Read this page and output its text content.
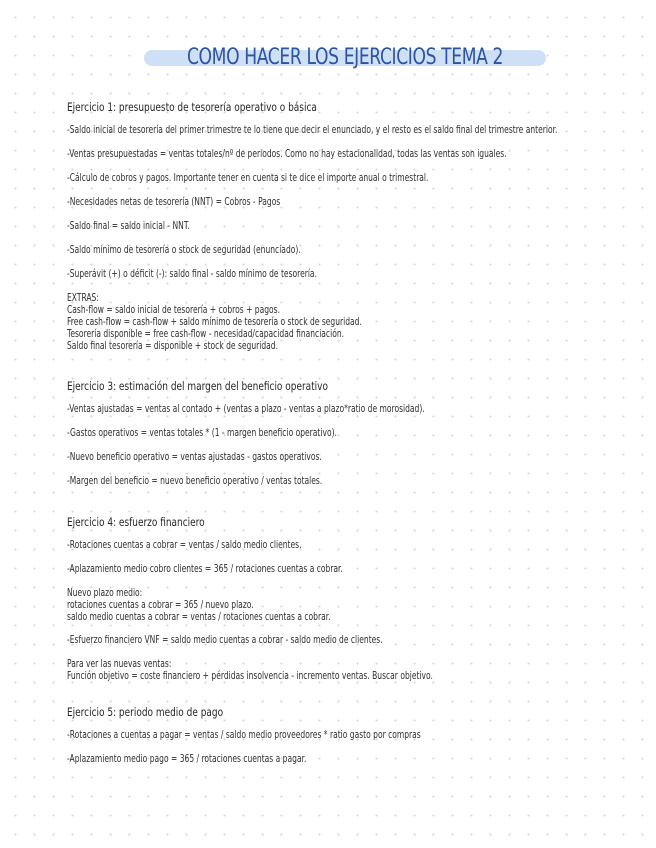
COMO HACER LOS EJERCICIOS TEMA 2
Ejercicio 1: presupuesto de tesorería operativo o básica
-Saldo inicial de tesorería del primer trimestre te lo tiene que decir el enunciado, y el resto es el saldo final del trimestre anterior.
-Ventas presupuestadas = ventas totales/nº de periodos. Como no hay estacionalidad, todas las ventas son iguales.
-Cálculo de cobros y pagos. Importante tener en cuenta si te dice el importe anual o trimestral.
-Necesidades netas de tesorería (NNT) = Cobros - Pagos
-Saldo final = saldo inicial - NNT.
-Saldo mínimo de tesorería o stock de seguridad (enunciado).
-Superávit (+) o déficit (-): saldo final - saldo mínimo de tesorería.
EXTRAS:
Cash-flow = saldo inicial de tesorería + cobros + pagos.
Free cash-flow = cash-flow + saldo mínimo de tesorería o stock de seguridad.
Tesorería disponible = free cash-flow - necesidad/capacidad financiación.
Saldo final tesorería = disponible + stock de seguridad.
Ejercicio 3: estimación del margen del beneficio operativo
-Ventas ajustadas = ventas al contado + (ventas a plazo - ventas a plazo*ratio de morosidad).
-Gastos operativos = ventas totales * (1 - margen beneficio operativo).
-Nuevo beneficio operativo = ventas ajustadas - gastos operativos.
-Margen del beneficio = nuevo beneficio operativo / ventas totales.
Ejercicio 4: esfuerzo financiero
-Rotaciones cuentas a cobrar = ventas / saldo medio clientes.
-Aplazamiento medio cobro clientes = 365 / rotaciones cuentas a cobrar.
Nuevo plazo medio:
rotaciones cuentas a cobrar = 365 / nuevo plazo.
saldo medio cuentas a cobrar = ventas / rotaciones cuentas a cobrar.
-Esfuerzo financiero VNF = saldo medio cuentas a cobrar - saldo medio de clientes.
Para ver las nuevas ventas:
Función objetivo = coste financiero + pérdidas insolvencia - incremento ventas. Buscar objetivo.
Ejercicio 5: periodo medio de pago
-Rotaciones a cuentas a pagar = ventas / saldo medio proveedores * ratio gasto por compras
-Aplazamiento medio pago = 365 / rotaciones cuentas a pagar.
